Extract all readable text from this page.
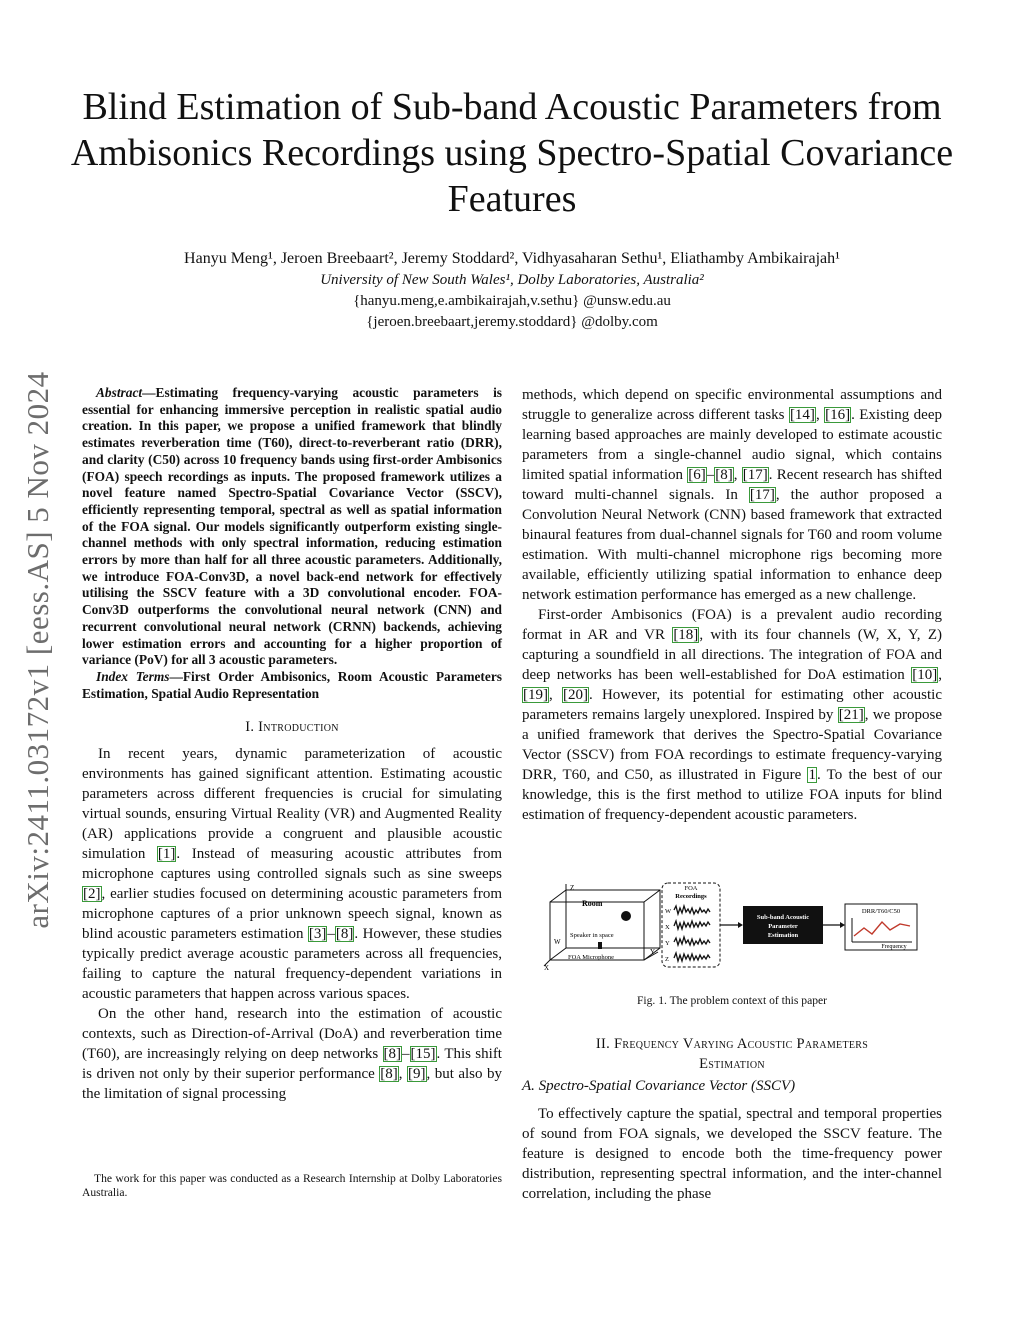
arXiv:2411.03172v1 [eess.AS] 5 Nov 2024
Blind Estimation of Sub-band Acoustic Parameters from Ambisonics Recordings using Spectro-Spatial Covariance Features
Hanyu Meng¹, Jeroen Breebaart², Jeremy Stoddard², Vidhyasaharan Sethu¹, Eliathamby Ambikairajah¹
University of New South Wales¹, Dolby Laboratories, Australia²
{hanyu.meng,e.ambikairajah,v.sethu} @unsw.edu.au
{jeroen.breebaart,jeremy.stoddard} @dolby.com

Abstract—Estimating frequency-varying acoustic parameters is essential for enhancing immersive perception in realistic spatial audio creation. In this paper, we propose a unified framework that blindly estimates reverberation time (T60), direct-to-reverberant ratio (DRR), and clarity (C50) across 10 frequency bands using first-order Ambisonics (FOA) speech recordings as inputs. The proposed framework utilizes a novel feature named Spectro-Spatial Covariance Vector (SSCV), efficiently representing temporal, spectral as well as spatial information of the FOA signal. Our models significantly outperform existing single-channel methods with only spectral information, reducing estimation errors by more than half for all three acoustic parameters. Additionally, we introduce FOA-Conv3D, a novel back-end network for effectively utilising the SSCV feature with a 3D convolutional encoder. FOA-Conv3D outperforms the convolutional neural network (CNN) and recurrent convolutional neural network (CRNN) backends, achieving lower estimation errors and accounting for a higher proportion of variance (PoV) for all 3 acoustic parameters.

Index Terms—First Order Ambisonics, Room Acoustic Parameters Estimation, Spatial Audio Representation

I. Introduction

In recent years, dynamic parameterization of acoustic environments has gained significant attention. Estimating acoustic parameters across different frequencies is crucial for simulating virtual sounds, ensuring Virtual Reality (VR) and Augmented Reality (AR) applications provide a congruent and plausible acoustic simulation [1]. Instead of measuring acoustic attributes from microphone captures using controlled signals such as sine sweeps [2], earlier studies focused on determining acoustic parameters from microphone captures of a prior unknown speech signal, known as blind acoustic parameters estimation [3]–[8]. However, these studies typically predict average acoustic parameters across all frequencies, failing to capture the natural frequency-dependent variations in acoustic parameters that happen across various spaces.

On the other hand, research into the estimation of acoustic contexts, such as Direction-of-Arrival (DoA) and reverberation time (T60), are increasingly relying on deep networks [8]–[15]. This shift is driven not only by their superior performance [8], [9], but also by the limitation of signal processing

The work for this paper was conducted as a Research Internship at Dolby Laboratories Australia.

methods, which depend on specific environmental assumptions and struggle to generalize across different tasks [14], [16]. Existing deep learning based approaches are mainly developed to estimate acoustic parameters from a single-channel audio signal, which contains limited spatial information [6]–[8], [17]. Recent research has shifted toward multi-channel signals. In [17], the author proposed a Convolution Neural Network (CNN) based framework that extracted binaural features from dual-channel signals for T60 and room volume estimation. With multi-channel microphone rigs becoming more available, efficiently utilizing spatial information to enhance deep network estimation performance has emerged as a new challenge.

First-order Ambisonics (FOA) is a prevalent audio recording format in AR and VR [18], with its four channels (W, X, Y, Z) capturing a soundfield in all directions. The integration of FOA and deep networks has been well-established for DoA estimation [10], [19], [20]. However, its potential for estimating other acoustic parameters remains largely unexplored. Inspired by [21], we propose a unified framework that derives the Spectro-Spatial Covariance Vector (SSCV) from FOA recordings to estimate frequency-varying DRR, T60, and C50, as illustrated in Figure 1. To the best of our knowledge, this is the first method to utilize FOA inputs for blind estimation of frequency-dependent acoustic parameters.

Z
X
W
Y
Room
Speaker in space
FOA Microphone
FOA
Recordings
W
X
Y
Z
Sub-band Acoustic
Parameter
Estimation
DRR/T60/C50
Frequency
Fig. 1. The problem context of this paper
II. Frequency Varying Acoustic Parameters
Estimation
A. Spectro-Spatial Covariance Vector (SSCV)

To effectively capture the spatial, spectral and temporal properties of sound from FOA signals, we developed the SSCV feature. The feature is designed to encode both the time-frequency power distribution, representing spectral information, and the inter-channel correlation, including the phase
